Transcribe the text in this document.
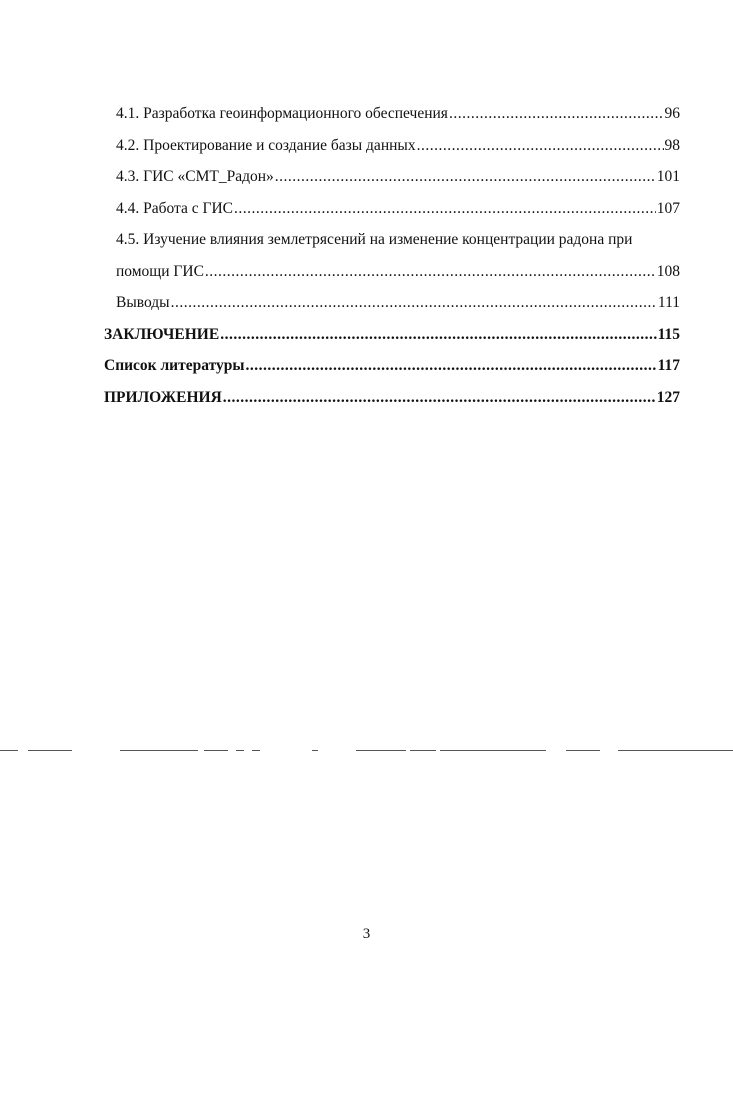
4.1. Разработка геоинформационного обеспечения .....	96
4.2. Проектирование и создание базы данных .....	98
4.3. ГИС «СМТ_Радон» .....	101
4.4. Работа с ГИС .....	107
4.5. Изучение влияния землетрясений на изменение концентрации радона при
помощи ГИС .....	108
Выводы .....	111
ЗАКЛЮЧЕНИЕ .....	115
Список литературы .....	117
ПРИЛОЖЕНИЯ .....	127
3
